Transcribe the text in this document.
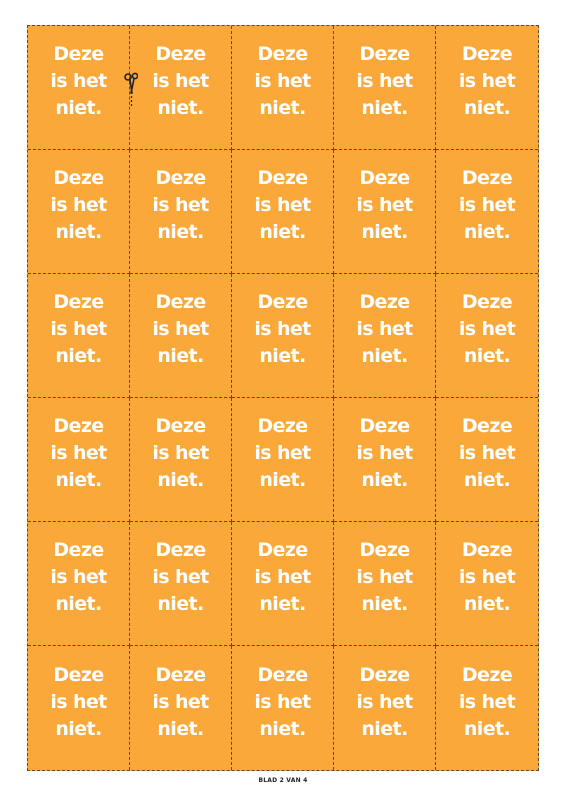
Deze
is het
niet.
Deze
is het
niet.
Deze
is het
niet.
Deze
is het
niet.
Deze
is het
niet.
Deze
is het
niet.
Deze
is het
niet.
Deze
is het
niet.
Deze
is het
niet.
Deze
is het
niet.
Deze
is het
niet.
Deze
is het
niet.
Deze
is het
niet.
Deze
is het
niet.
Deze
is het
niet.
Deze
is het
niet.
Deze
is het
niet.
Deze
is het
niet.
Deze
is het
niet.
Deze
is het
niet.
Deze
is het
niet.
Deze
is het
niet.
Deze
is het
niet.
Deze
is het
niet.
Deze
is het
niet.
Deze
is het
niet.
Deze
is het
niet.
Deze
is het
niet.
Deze
is het
niet.
Deze
is het
niet.
BLAD 2 VAN 4
